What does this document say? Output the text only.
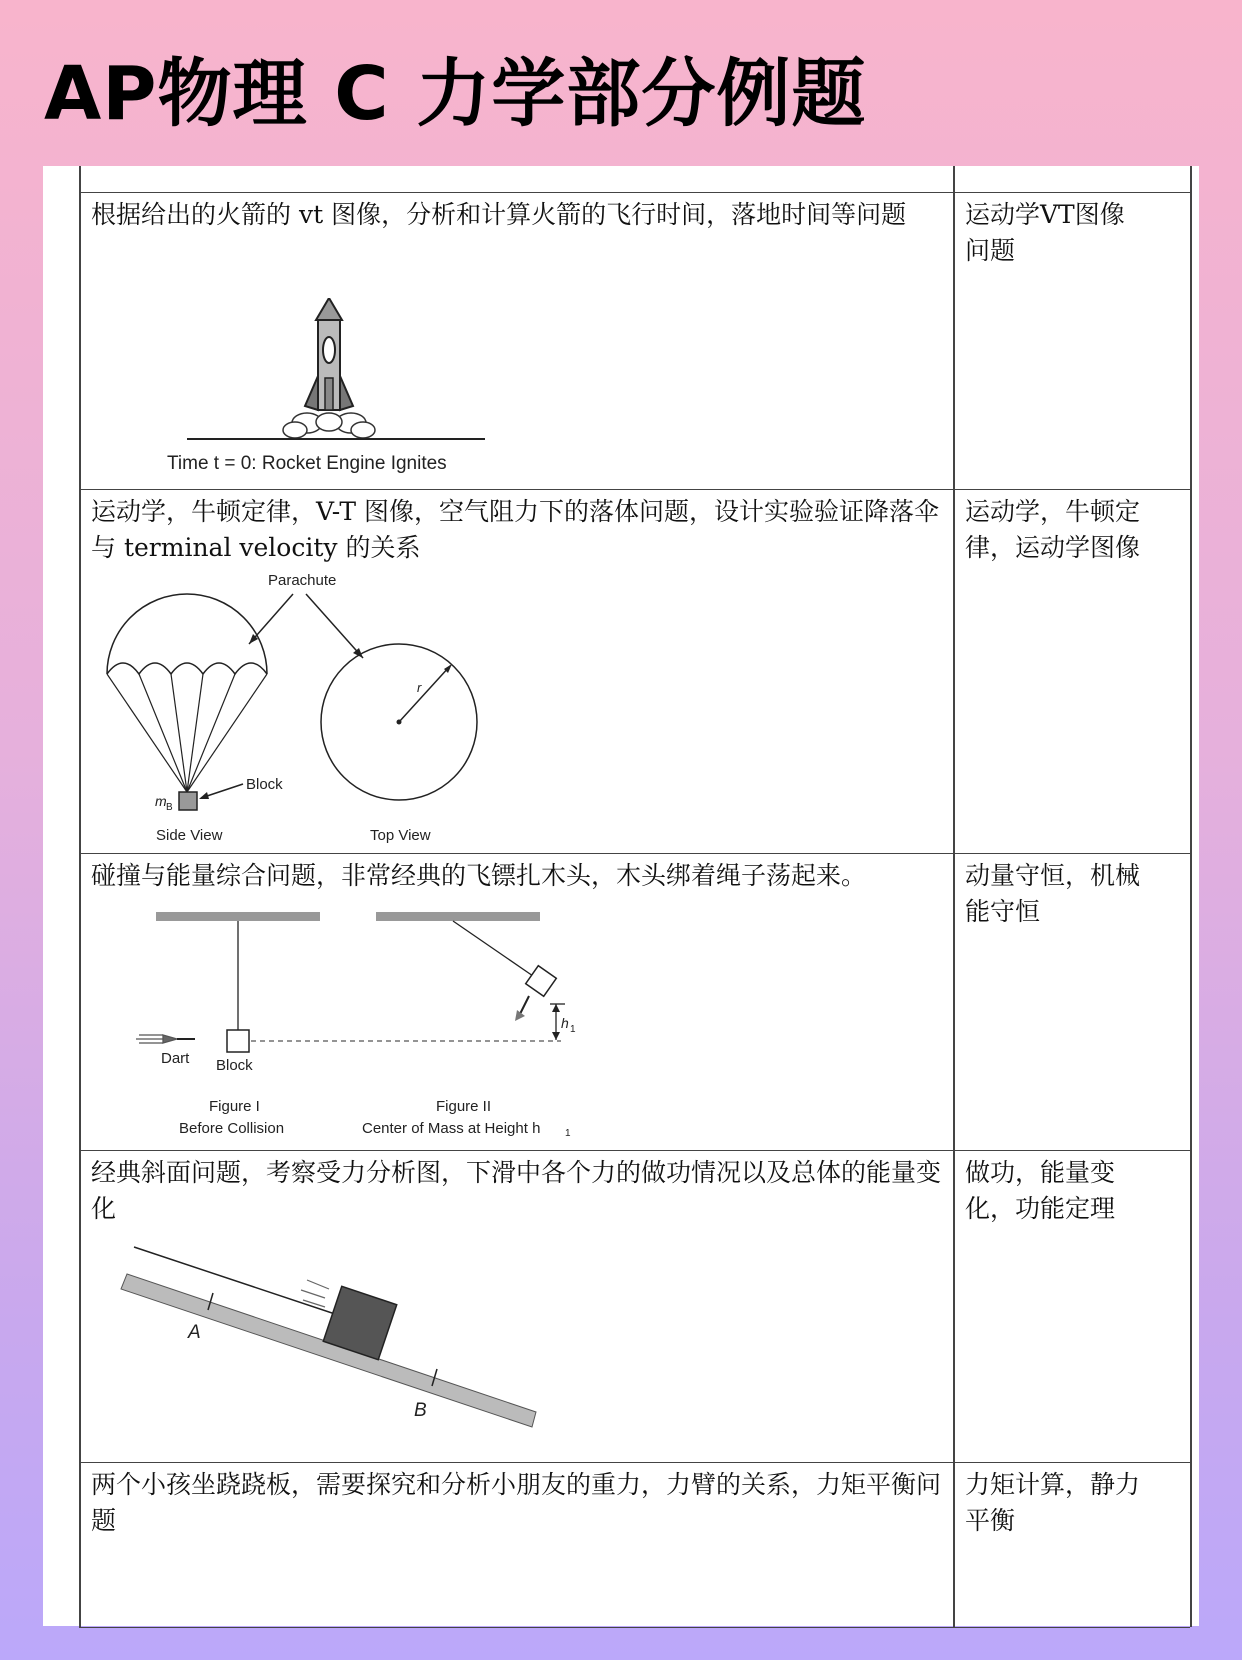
AP物理 C 力学部分例题
根据给出的火箭的 vt 图像，分析和计算火箭的飞行时间，落地时间等问题	运动学VT图像问题
Time t = 0: Rocket Engine Ignites
运动学，牛顿定律，V-T 图像，空气阻力下的落体问题，设计实验验证降落伞与 terminal velocity 的关系
运动学，牛顿定律，运动学图像
Parachute
m B
Block
Side View
r
Top View
碰撞与能量综合问题，非常经典的飞镖扎木头，木头绑着绳子荡起来。	动量守恒，机械能守恒
Dart Block
h 1
Figure I
Before Collision
Figure II
Center of Mass at Height h 1
经典斜面问题，考察受力分析图，下滑中各个力的做功情况以及总体的能量变化
做功，能量变化，功能定理
A
B
两个小孩坐跷跷板，需要探究和分析小朋友的重力，力臂的关系，力矩平衡问题
力矩计算，静力平衡
